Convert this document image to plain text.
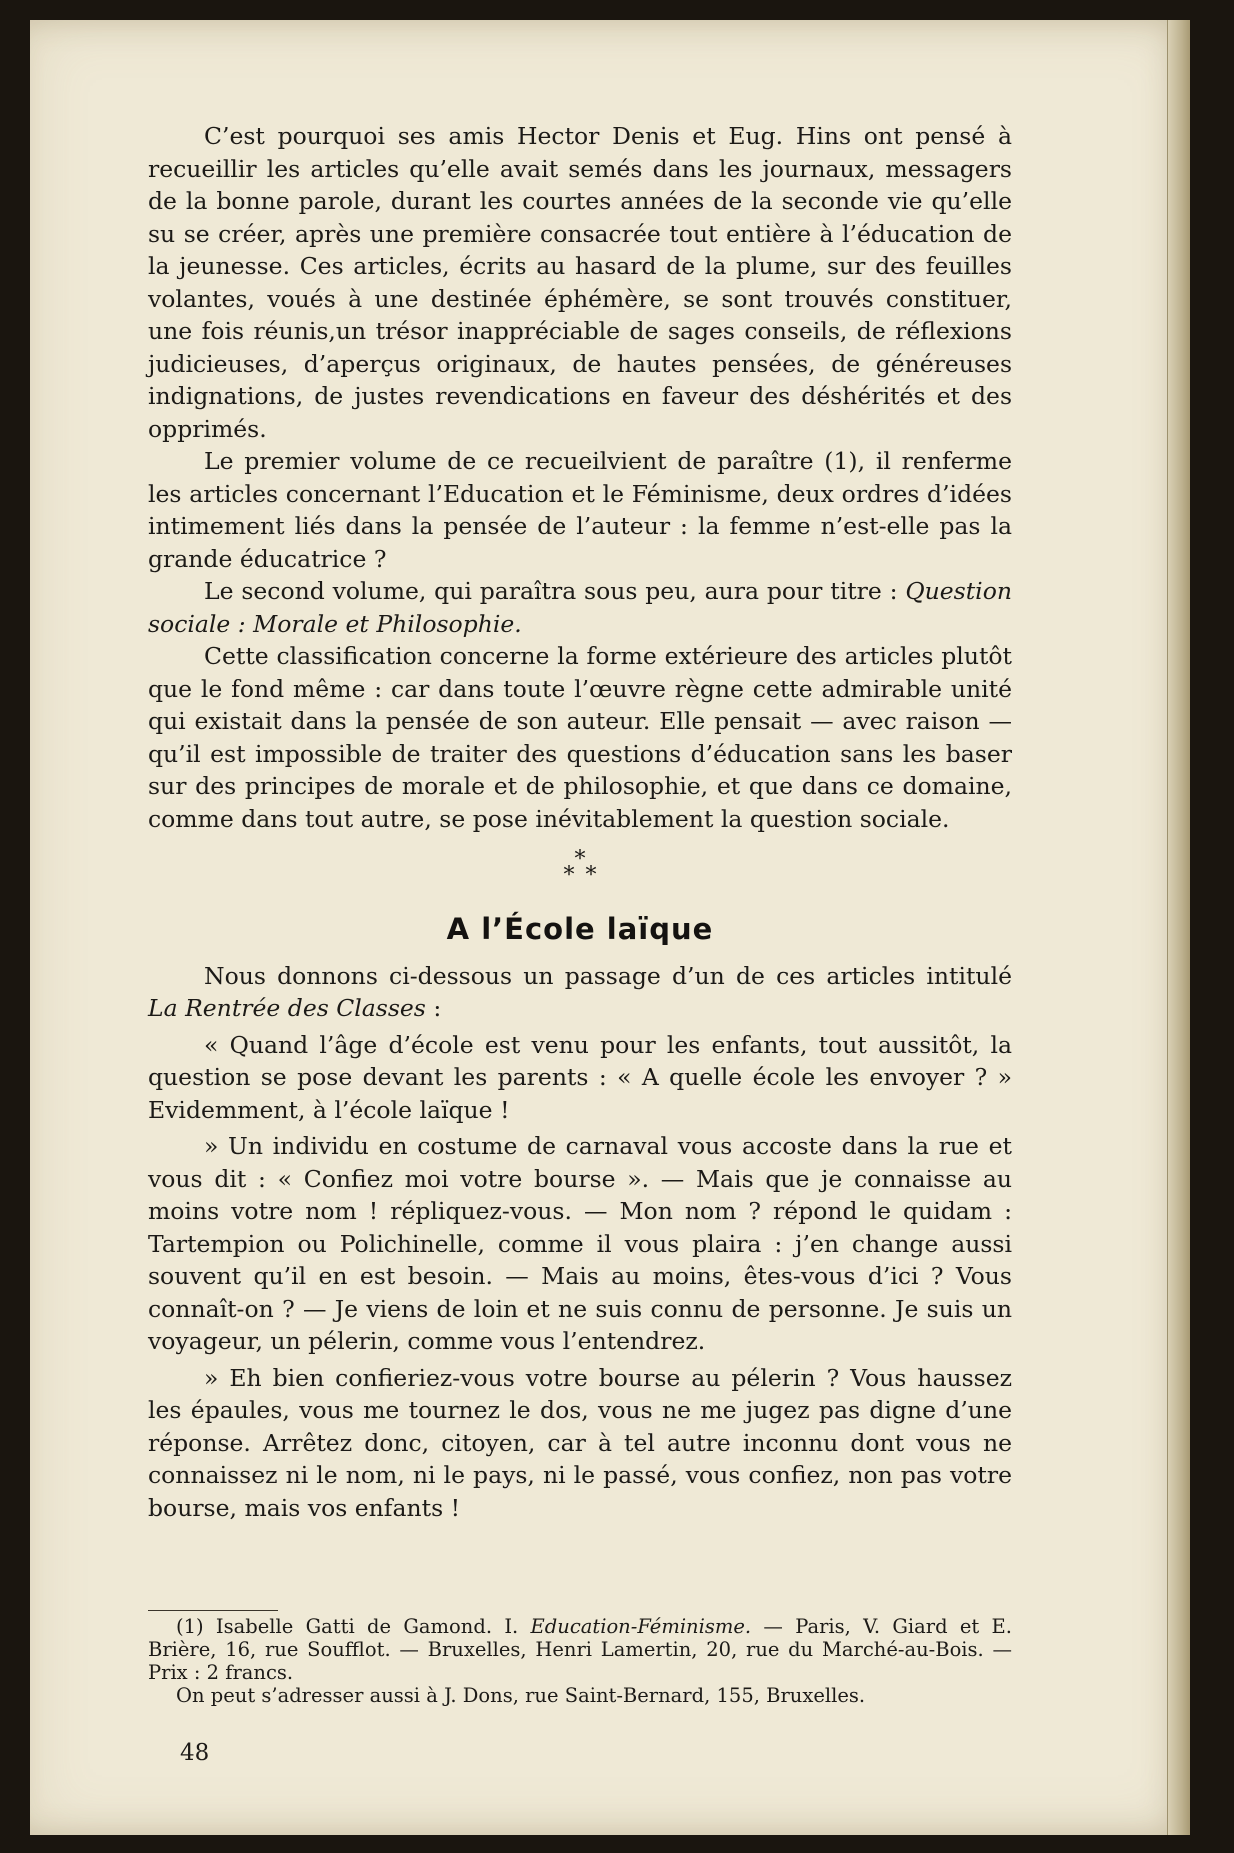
C’est pourquoi ses amis Hector Denis et Eug. Hins ont pensé à recueillir les articles qu’elle avait semés dans les journaux, messagers de la bonne parole, durant les courtes années de la seconde vie qu’elle su se créer, après une première consacrée tout entière à l’éducation de la jeunesse. Ces articles, écrits au hasard de la plume, sur des feuilles volantes, voués à une destinée éphémère, se sont trouvés constituer, une fois réunis,un trésor inappréciable de sages conseils, de réflexions judicieuses, d’aperçus originaux, de hautes pensées, de généreuses indignations, de justes revendications en faveur des déshérités et des opprimés.

Le premier volume de ce recueilvient de paraître (1), il renferme les articles concernant l’Education et le Féminisme, deux ordres d’idées intimement liés dans la pensée de l’auteur : la femme n’est-elle pas la grande éducatrice ?

Le second volume, qui paraîtra sous peu, aura pour titre : Question sociale : Morale et Philosophie.

Cette classification concerne la forme extérieure des articles plutôt que le fond même : car dans toute l’œuvre règne cette admirable unité qui existait dans la pensée de son auteur. Elle pensait — avec raison — qu’il est impossible de traiter des questions d’éducation sans les baser sur des principes de morale et de philosophie, et que dans ce domaine, comme dans tout autre, se pose inévitablement la question sociale.

*
* *
A l’École laïque

Nous donnons ci-dessous un passage d’un de ces articles intitulé La Rentrée des Classes :

« Quand l’âge d’école est venu pour les enfants, tout aussitôt, la question se pose devant les parents : « A quelle école les envoyer ? » Evidemment, à l’école laïque !

» Un individu en costume de carnaval vous accoste dans la rue et vous dit : « Confiez moi votre bourse ». — Mais que je connaisse au moins votre nom ! répliquez-vous. — Mon nom ? répond le quidam : Tartempion ou Polichinelle, comme il vous plaira : j’en change aussi souvent qu’il en est besoin. — Mais au moins, êtes-vous d’ici ? Vous connaît-on ? — Je viens de loin et ne suis connu de personne. Je suis un voyageur, un pélerin, comme vous l’entendrez.

» Eh bien confieriez-vous votre bourse au pélerin ? Vous haussez les épaules, vous me tournez le dos, vous ne me jugez pas digne d’une réponse. Arrêtez donc, citoyen, car à tel autre inconnu dont vous ne connaissez ni le nom, ni le pays, ni le passé, vous confiez, non pas votre bourse, mais vos enfants !

(1) Isabelle Gatti de Gamond. I. Education-Féminisme. — Paris, V. Giard et E. Brière, 16, rue Soufflot. — Bruxelles, Henri Lamertin, 20, rue du Marché-au-Bois. — Prix : 2 francs.

On peut s’adresser aussi à J. Dons, rue Saint-Bernard, 155, Bruxelles.

48
